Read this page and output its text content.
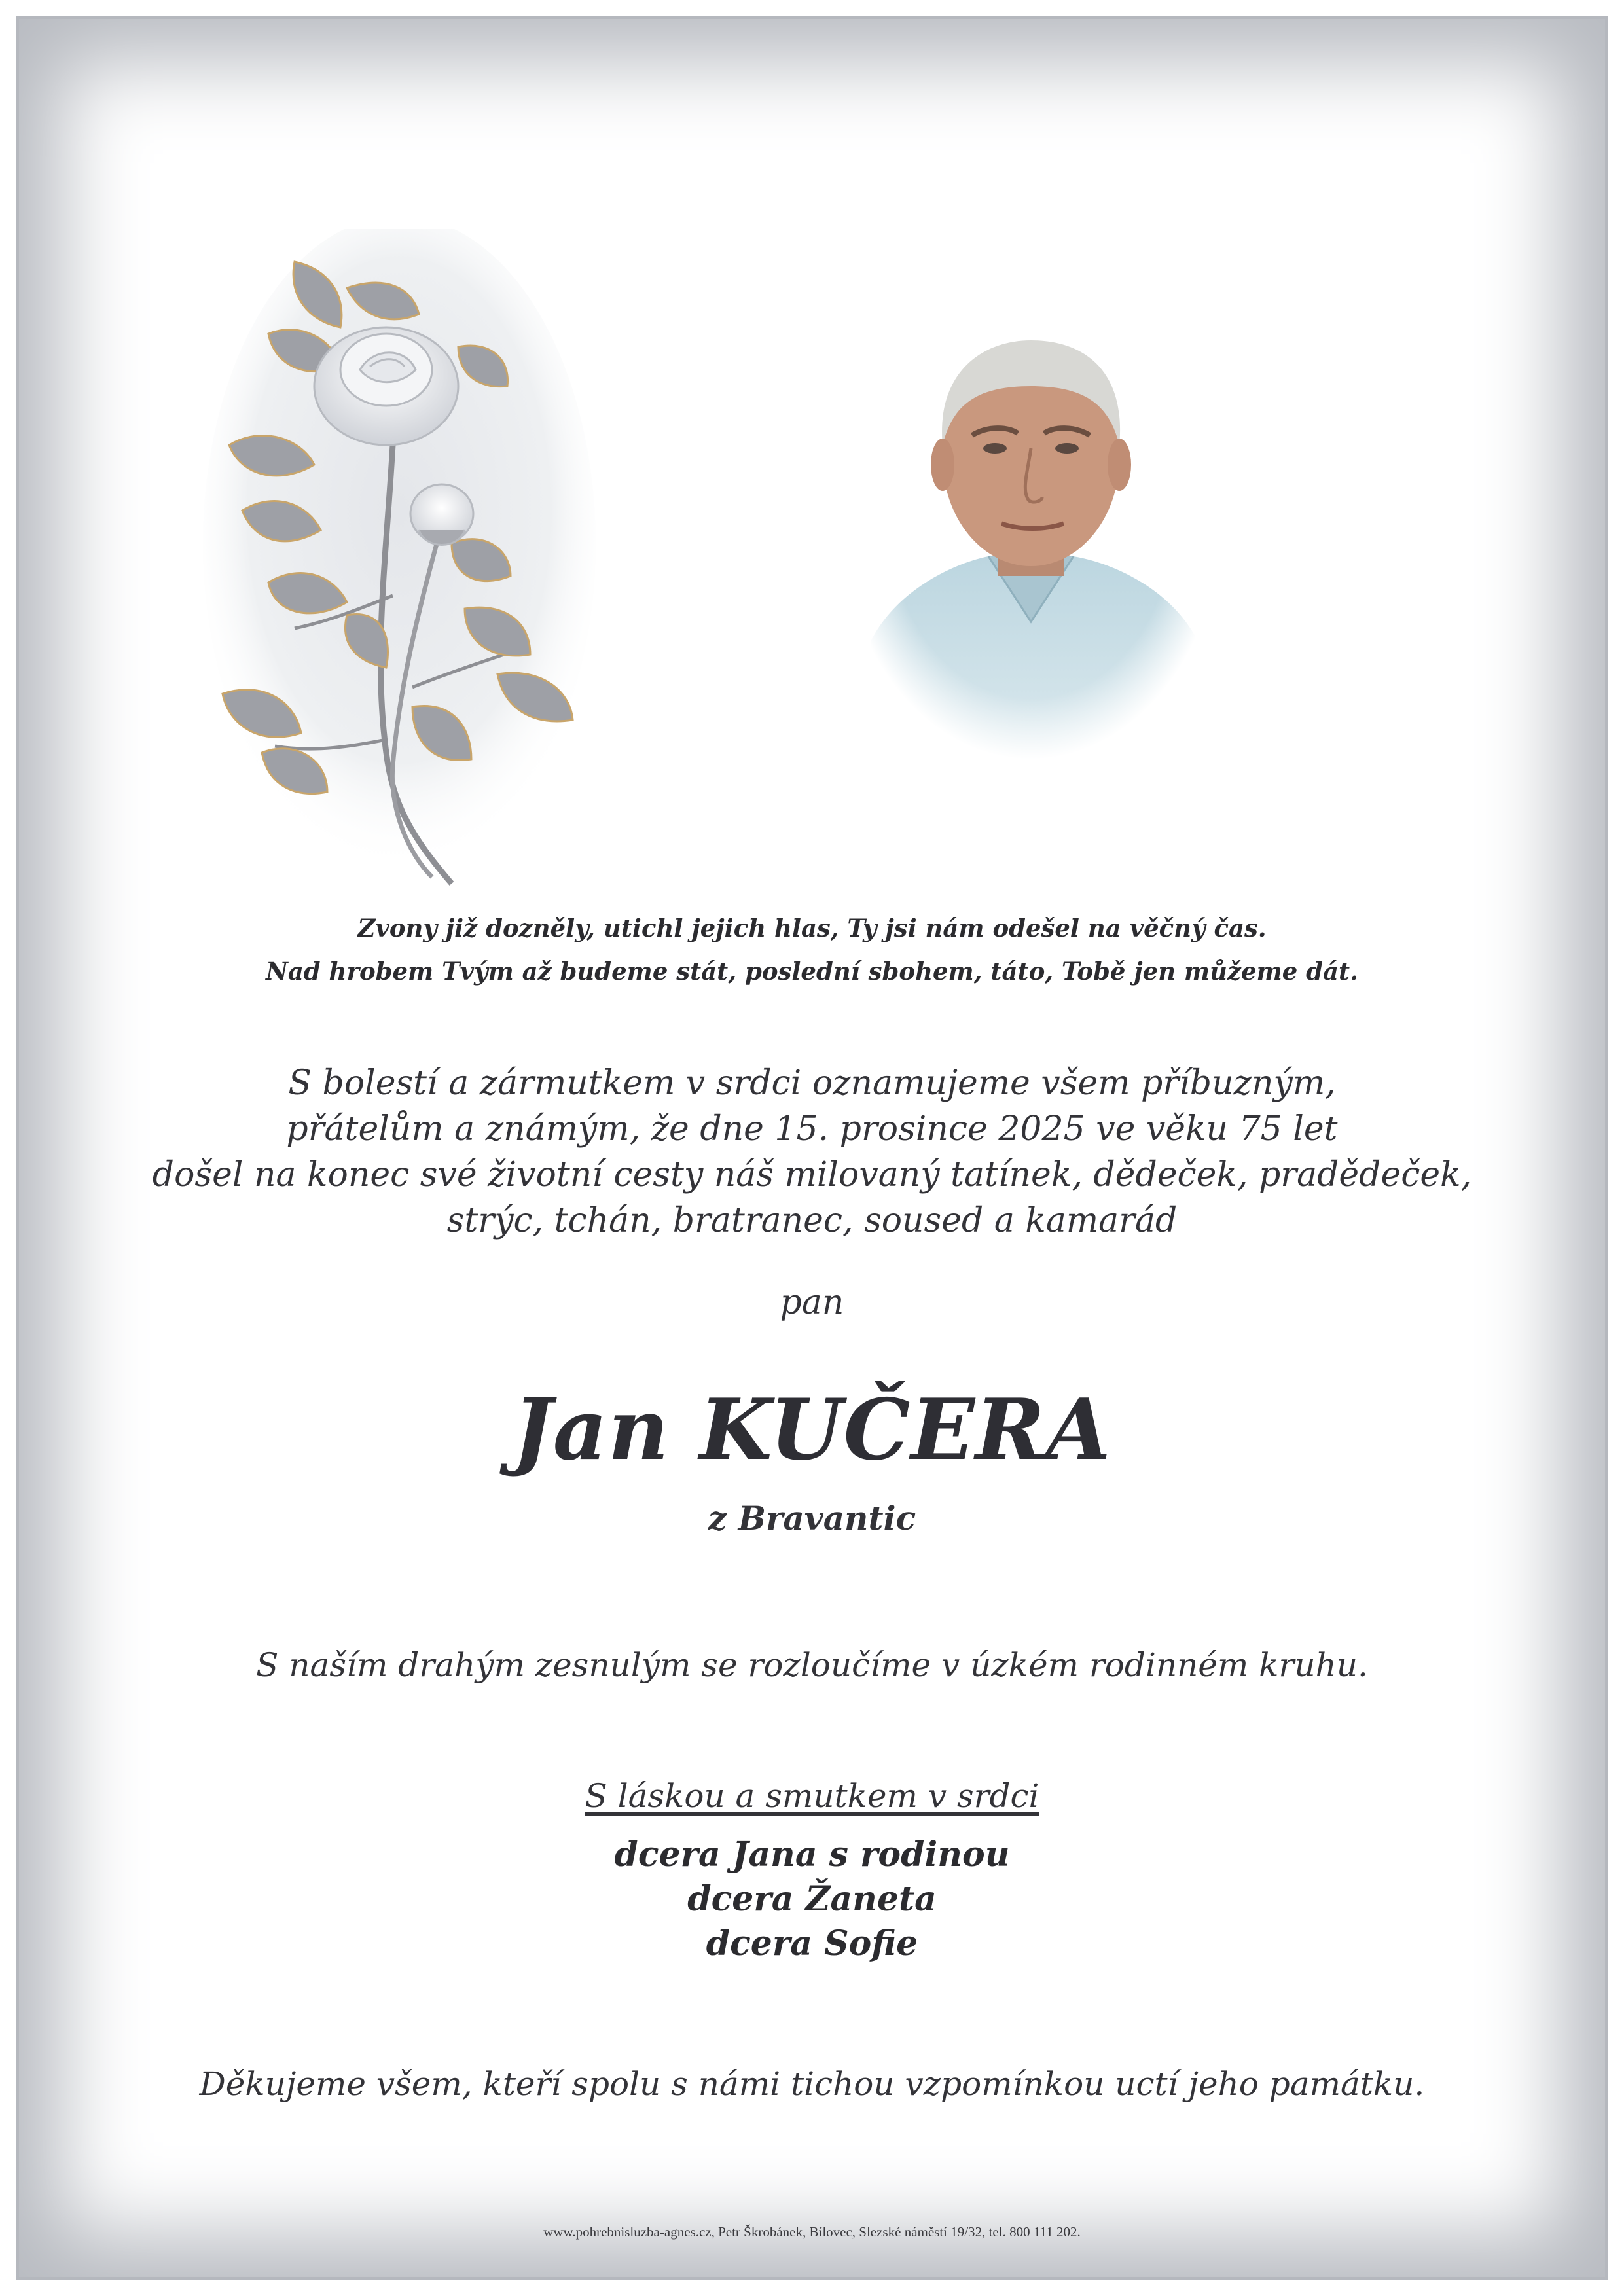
Zvony již dozněly, utichl jejich hlas, Ty jsi nám odešel na věčný čas.
Nad hrobem Tvým až budeme stát, poslední sbohem, táto, Tobě jen můžeme dát.
S bolestí a zármutkem v srdci oznamujeme všem příbuzným,
přátelům a známým, že dne 15. prosince 2025 ve věku 75 let
došel na konec své životní cesty náš milovaný tatínek, dědeček, pradědeček,
strýc, tchán, bratranec, soused a kamarád
pan
Jan KUČERA
z Bravantic
S naším drahým zesnulým se rozloučíme v úzkém rodinném kruhu.
S láskou a smutkem v srdci
dcera Jana s rodinou
dcera Žaneta
dcera Sofie
Děkujeme všem, kteří spolu s námi tichou vzpomínkou uctí jeho památku.
www.pohrebnisluzba-agnes.cz, Petr Škrobánek, Bílovec, Slezské náměstí 19/32, tel. 800 111 202.
